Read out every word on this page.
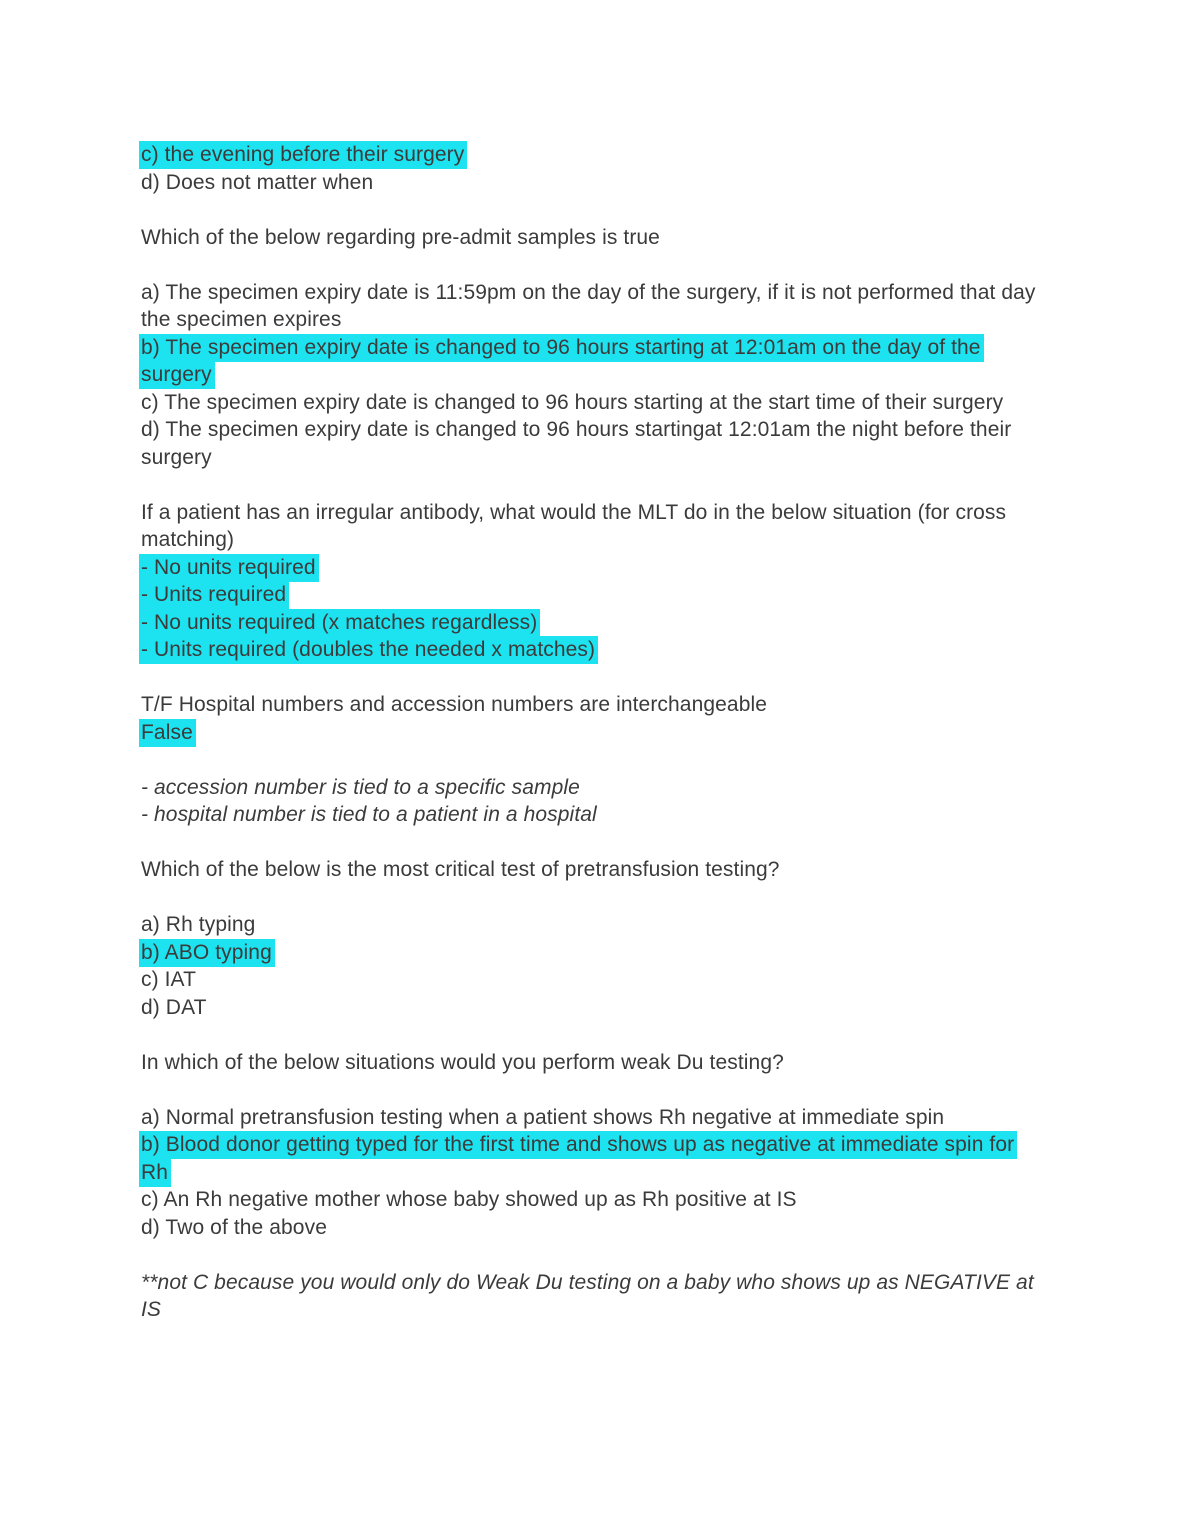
c) the evening before their surgery

d) Does not matter when

Which of the below regarding pre-admit samples is true

a) The specimen expiry date is 11:59pm on the day of the surgery, if it is not performed that day the specimen expires

b) The specimen expiry date is changed to 96 hours starting at 12:01am on the day of the surgery

c) The specimen expiry date is changed to 96 hours starting at the start time of their surgery

d) The specimen expiry date is changed to 96 hours startingat 12:01am the night before their surgery

If a patient has an irregular antibody, what would the MLT do in the below situation (for cross matching)

- No units required

- Units required

- No units required (x matches regardless)

- Units required (doubles the needed x matches)

T/F Hospital numbers and accession numbers are interchangeable

False

- accession number is tied to a specific sample

- hospital number is tied to a patient in a hospital

Which of the below is the most critical test of pretransfusion testing?

a) Rh typing

b) ABO typing

c) IAT

d) DAT

In which of the below situations would you perform weak Du testing?

a) Normal pretransfusion testing when a patient shows Rh negative at immediate spin

b) Blood donor getting typed for the first time and shows up as negative at immediate spin for Rh

c) An Rh negative mother whose baby showed up as Rh positive at IS

d) Two of the above

**not C because you would only do Weak Du testing on a baby who shows up as NEGATIVE at IS
